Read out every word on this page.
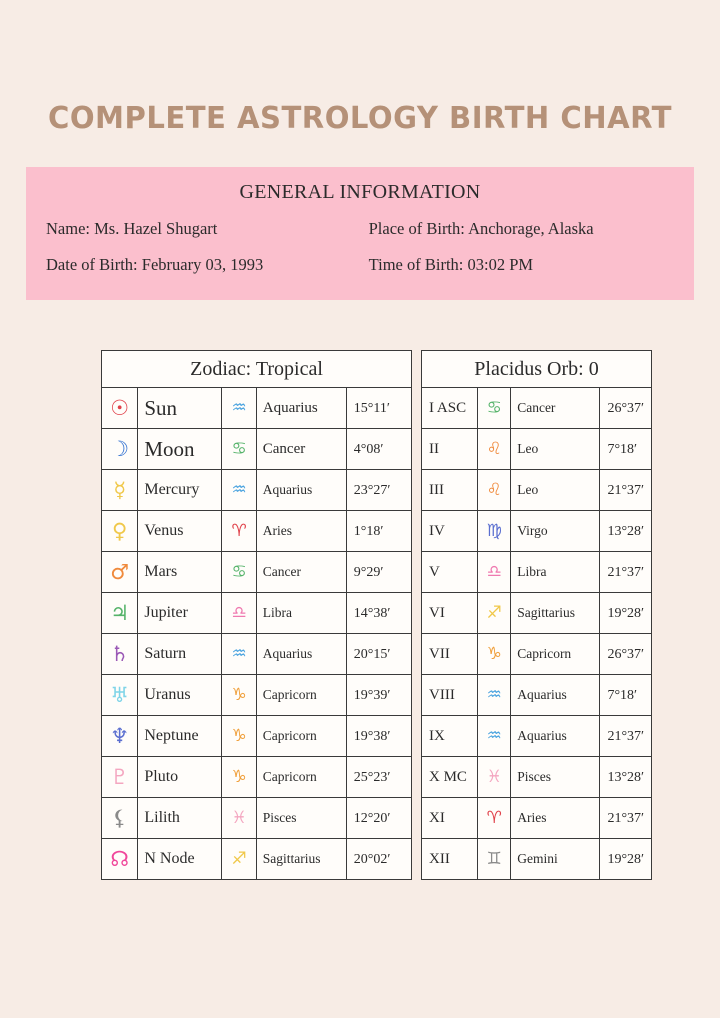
COMPLETE ASTROLOGY BIRTH CHART
GENERAL INFORMATION
Name: Ms. Hazel Shugart	Place of Birth: Anchorage, Alaska
Date of Birth: February 03, 1993	Time of Birth: 03:02 PM
Zodiac: Tropical				

☉	Sun	♒	Aquarius	15°11′

☽	Moon	♋	Cancer	4°08′

☿	Mercury	♒	Aquarius	23°27′

♀	Venus	♈	Aries	1°18′

♂	Mars	♋	Cancer	9°29′

♃	Jupiter	♎	Libra	14°38′

♄	Saturn	♒	Aquarius	20°15′

♅	Uranus	♑	Capricorn	19°39′

♆	Neptune	♑	Capricorn	19°38′

♇	Pluto	♑	Capricorn	25°23′

⚸	Lilith	♓	Pisces	12°20′

☊	N Node	♐	Sagittarius	20°02′
Placidus Orb: 0			
I ASC	♋	Cancer	26°37′
II	♌	Leo	7°18′
III	♌	Leo	21°37′
IV	♍	Virgo	13°28′
V	♎	Libra	21°37′
VI	♐	Sagittarius	19°28′
VII	♑	Capricorn	26°37′
VIII	♒	Aquarius	7°18′
IX	♒	Aquarius	21°37′
X MC	♓	Pisces	13°28′
XI	♈	Aries	21°37′
XII	♊	Gemini	19°28′
